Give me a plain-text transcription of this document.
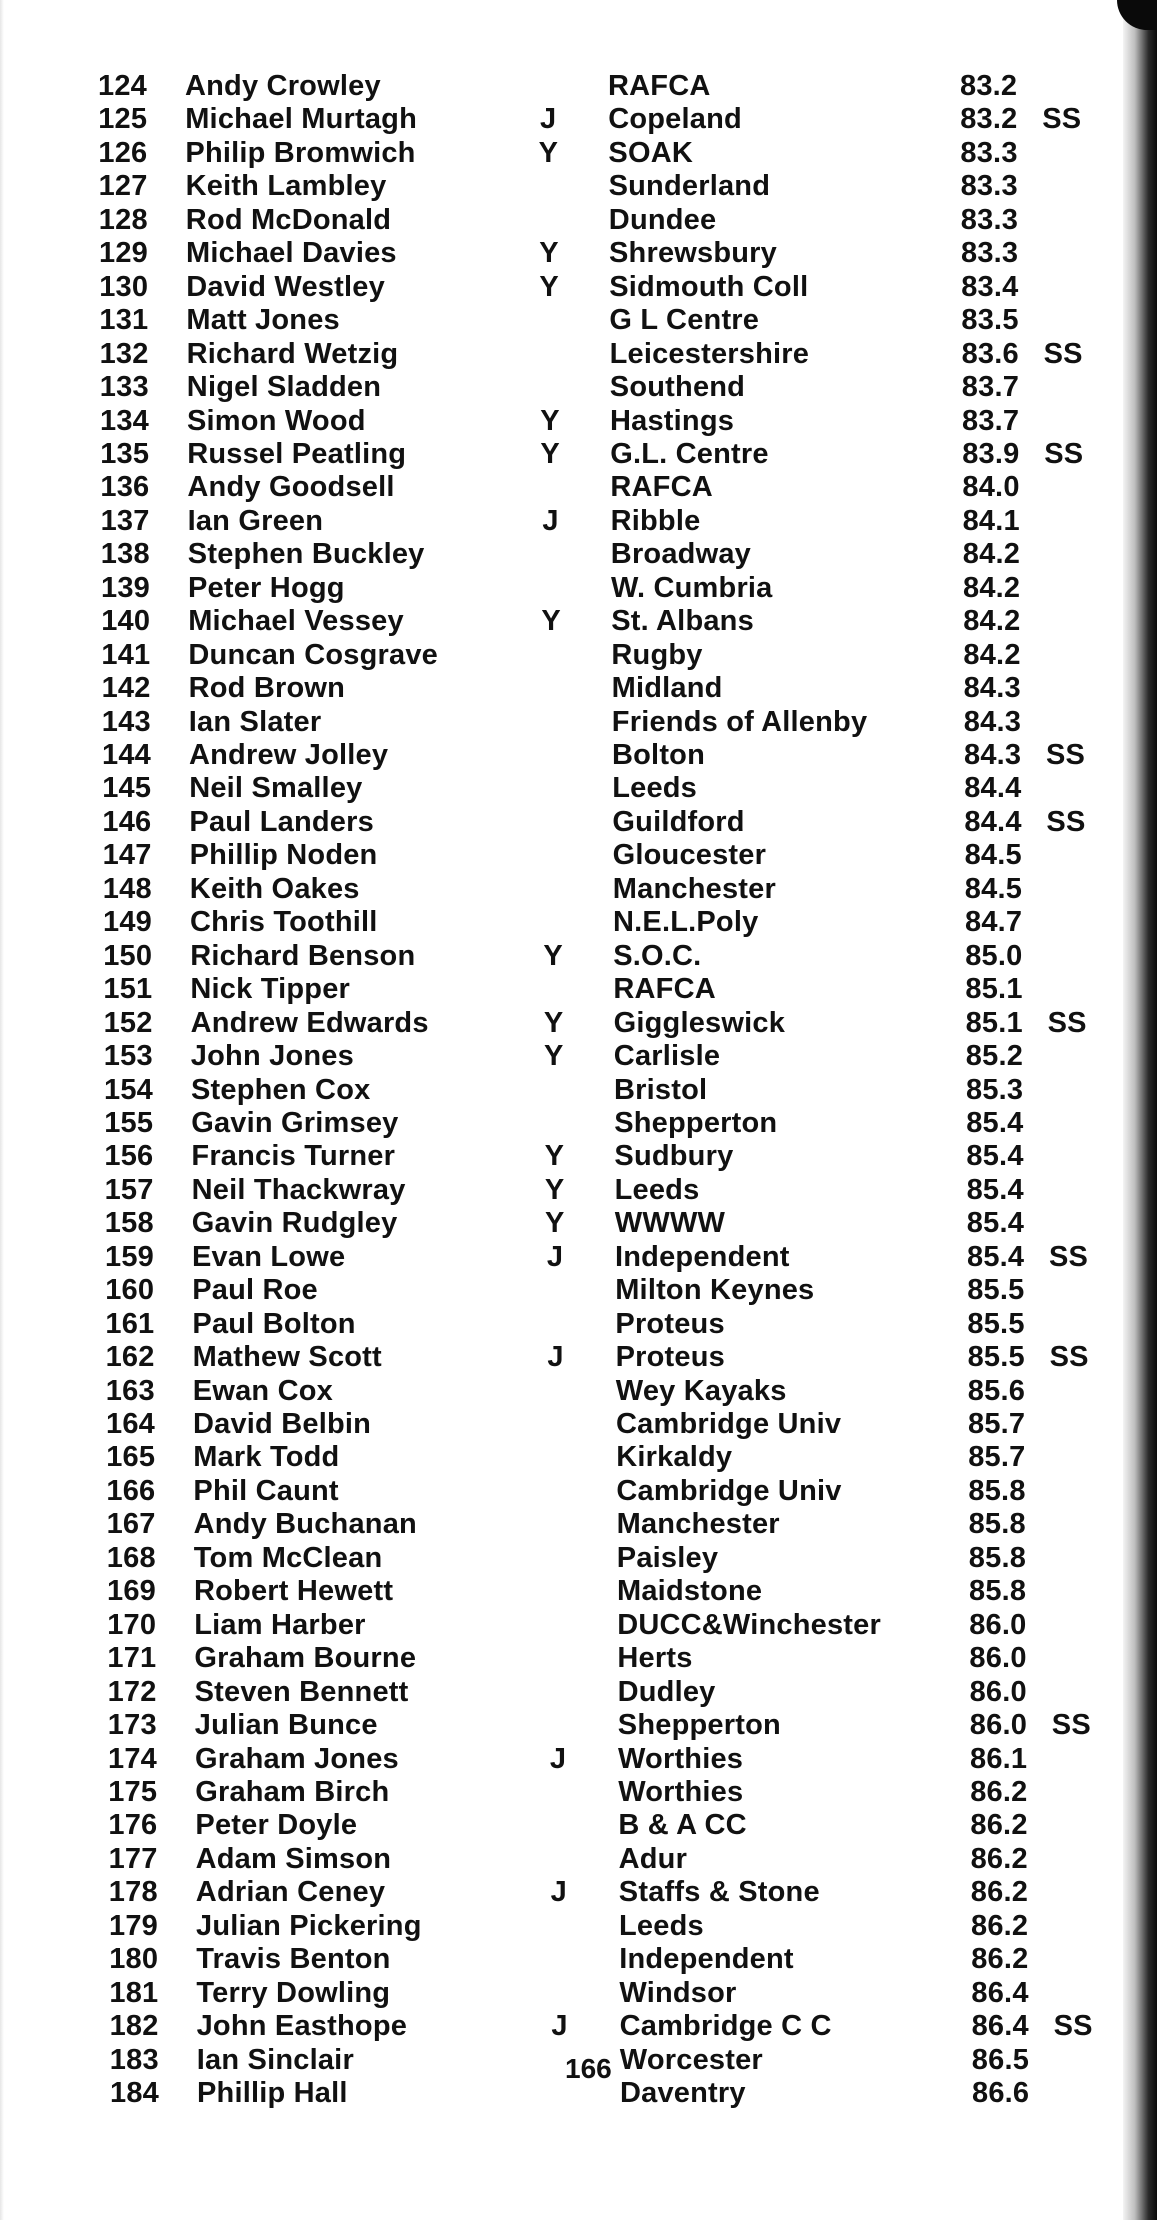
124	Andy Crowley	RAFCA	83.2
125	Michael Murtagh	J Copeland	83.2 SS
126	Philip Bromwich	Y SOAK	83.3
127	Keith Lambley	Sunderland	83.3
128	Rod McDonald	Dundee	83.3
129	Michael Davies	Y Shrewsbury	83.3
130	David Westley	Y Sidmouth Coll	83.4
131	Matt Jones	G L Centre	83.5
132	Richard Wetzig	Leicestershire	83.6 SS
133	Nigel Sladden	Southend	83.7
134	Simon Wood	Y Hastings	83.7
135	Russel Peatling	Y G.L. Centre	83.9 SS
136	Andy Goodsell	RAFCA	84.0
137	Ian Green	J Ribble	84.1
138	Stephen Buckley	Broadway	84.2
139	Peter Hogg	W. Cumbria	84.2
140	Michael Vessey	Y St. Albans	84.2
141	Duncan Cosgrave	Rugby	84.2
142	Rod Brown	Midland	84.3
143	Ian Slater	Friends of Allenby	84.3
144	Andrew Jolley	Bolton	84.3 SS
145	Neil Smalley	Leeds	84.4
146	Paul Landers	Guildford	84.4 SS
147	Phillip Noden	Gloucester	84.5
148	Keith Oakes	Manchester	84.5
149	Chris Toothill	N.E.L.Poly	84.7
150	Richard Benson	Y S.O.C.	85.0
151	Nick Tipper	RAFCA	85.1
152	Andrew Edwards	Y Giggleswick	85.1 SS
153	John Jones	Y Carlisle	85.2
154	Stephen Cox	Bristol	85.3
155	Gavin Grimsey	Shepperton	85.4
156	Francis Turner	Y Sudbury	85.4
157	Neil Thackwray	Y Leeds	85.4
158	Gavin Rudgley	Y WWWW	85.4
159	Evan Lowe	J Independent	85.4 SS
160	Paul Roe	Milton Keynes	85.5
161	Paul Bolton	Proteus	85.5
162	Mathew Scott	J Proteus	85.5 SS
163	Ewan Cox	Wey Kayaks	85.6
164	David Belbin	Cambridge Univ	85.7
165	Mark Todd	Kirkaldy	85.7
166	Phil Caunt	Cambridge Univ	85.8
167	Andy Buchanan	Manchester	85.8
168	Tom McClean	Paisley	85.8
169	Robert Hewett	Maidstone	85.8
170	Liam Harber	DUCC&Winchester	86.0
171	Graham Bourne	Herts	86.0
172	Steven Bennett	Dudley	86.0
173	Julian Bunce	Shepperton	86.0 SS
174	Graham Jones	J Worthies	86.1
175	Graham Birch	Worthies	86.2
176	Peter Doyle	B & A CC	86.2
177	Adam Simson	Adur	86.2
178	Adrian Ceney	J Staffs & Stone	86.2
179	Julian Pickering	Leeds	86.2
180	Travis Benton	Independent	86.2
181	Terry Dowling	Windsor	86.4
182	John Easthope	J Cambridge C C	86.4 SS
183	Ian Sinclair	Worcester	86.5
184	Phillip Hall	Daventry	86.6
166
